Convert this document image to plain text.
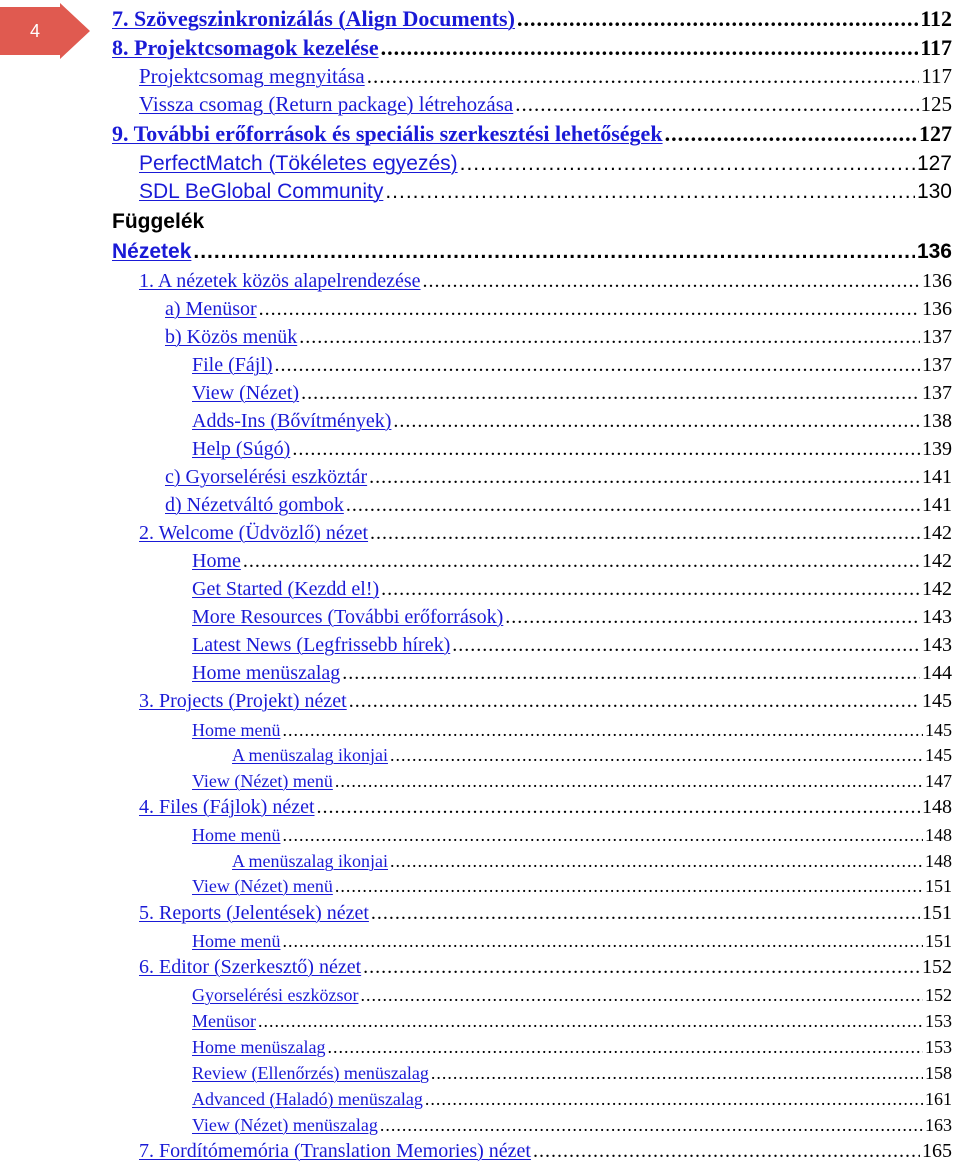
4	7. Szövegszinkronizálás (Align Documents) .....	112
8. Projektcsomagok kezelése .....	117
Projektcsomag megnyitása .....	117
Vissza csomag (Return package) létrehozása .....	125
9. További erőforrások és speciális szerkesztési lehetőségek .....	127
PerfectMatch (Tökéletes egyezés) .....	127
SDL BeGlobal Community .....	130
Függelék
Nézetek .....	136
1. A nézetek közös alapelrendezése .....	136
a) Menüsor .....	136
b) Közös menük .....	137
File (Fájl) .....	137
View (Nézet) .....	137
Adds-Ins (Bővítmények) .....	138
Help (Súgó) .....	139
c) Gyorselérési eszköztár .....	141
d) Nézetváltó gombok .....	141
2. Welcome (Üdvözlő) nézet .....	142
Home .....	142
Get Started (Kezdd el!) .....	142
More Resources (További erőforrások) .....	143
Latest News (Legfrissebb hírek) .....	143
Home menüszalag .....	144
3. Projects (Projekt) nézet .....	145
Home menü .....	145
A menüszalag ikonjai .....	145
View (Nézet) menü .....	147
4. Files (Fájlok) nézet .....	148
Home menü .....	148
A menüszalag ikonjai .....	148
View (Nézet) menü .....	151
5. Reports (Jelentések) nézet .....	151
Home menü .....	151
6. Editor (Szerkesztő) nézet .....	152
Gyorselérési eszközsor .....	152
Menüsor .....	153
Home menüszalag .....	153
Review (Ellenőrzés) menüszalag .....	158
Advanced (Haladó) menüszalag .....	161
View (Nézet) menüszalag .....	163
7. Fordítómemória (Translation Memories) nézet .....	165
